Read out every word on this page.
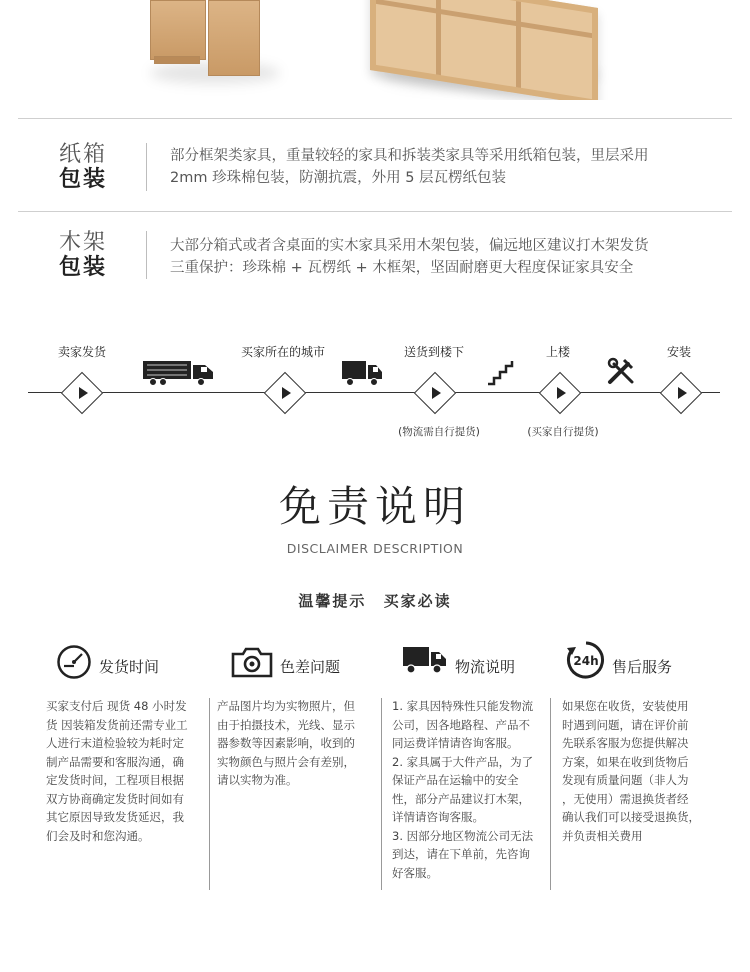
纸箱
包装
部分框架类家具，重量较轻的家具和拆装类家具等采用纸箱包装，里层采用
2mm 珍珠棉包装，防潮抗震，外用 5 层瓦楞纸包装
木架
包装
大部分箱式或者含桌面的实木家具采用木架包装，偏远地区建议打木架发货
三重保护：珍珠棉 + 瓦楞纸 + 木框架，坚固耐磨更大程度保证家具安全
卖家发货	买家所在的城市	送货到楼下	上楼	安装
(物流需自行提货)	(买家自行提货)
免责说明
DISCLAIMER DESCRIPTION
温馨提示 买家必读
发货时间	色差问题	物流说明	24h 售后服务
买家支付后 现货 48 小时发
货 因装箱发货前还需专业工
人进行末道检验较为耗时定
制产品需要和客服沟通，确
定发货时间，工程项目根据
双方协商确定发货时间如有
其它原因导致发货延迟，我
们会及时和您沟通。
产品图片均为实物照片，但
由于拍摄技术，光线、显示
器参数等因素影响，收到的
实物颜色与照片会有差别，
请以实物为准。
1. 家具因特殊性只能发物流
公司，因各地路程、产品不
同运费详情请咨询客服。
2. 家具属于大件产品，为了
保证产品在运输中的安全
性，部分产品建议打木架，
详情请咨询客服。
3. 因部分地区物流公司无法
到达，请在下单前，先咨询
好客服。
如果您在收货，安装使用
时遇到问题，请在评价前
先联系客服为您提供解决
方案，如果在收到货物后
发现有质量问题（非人为
，无使用）需退换货者经
确认我们可以接受退换货，
并负责相关费用
